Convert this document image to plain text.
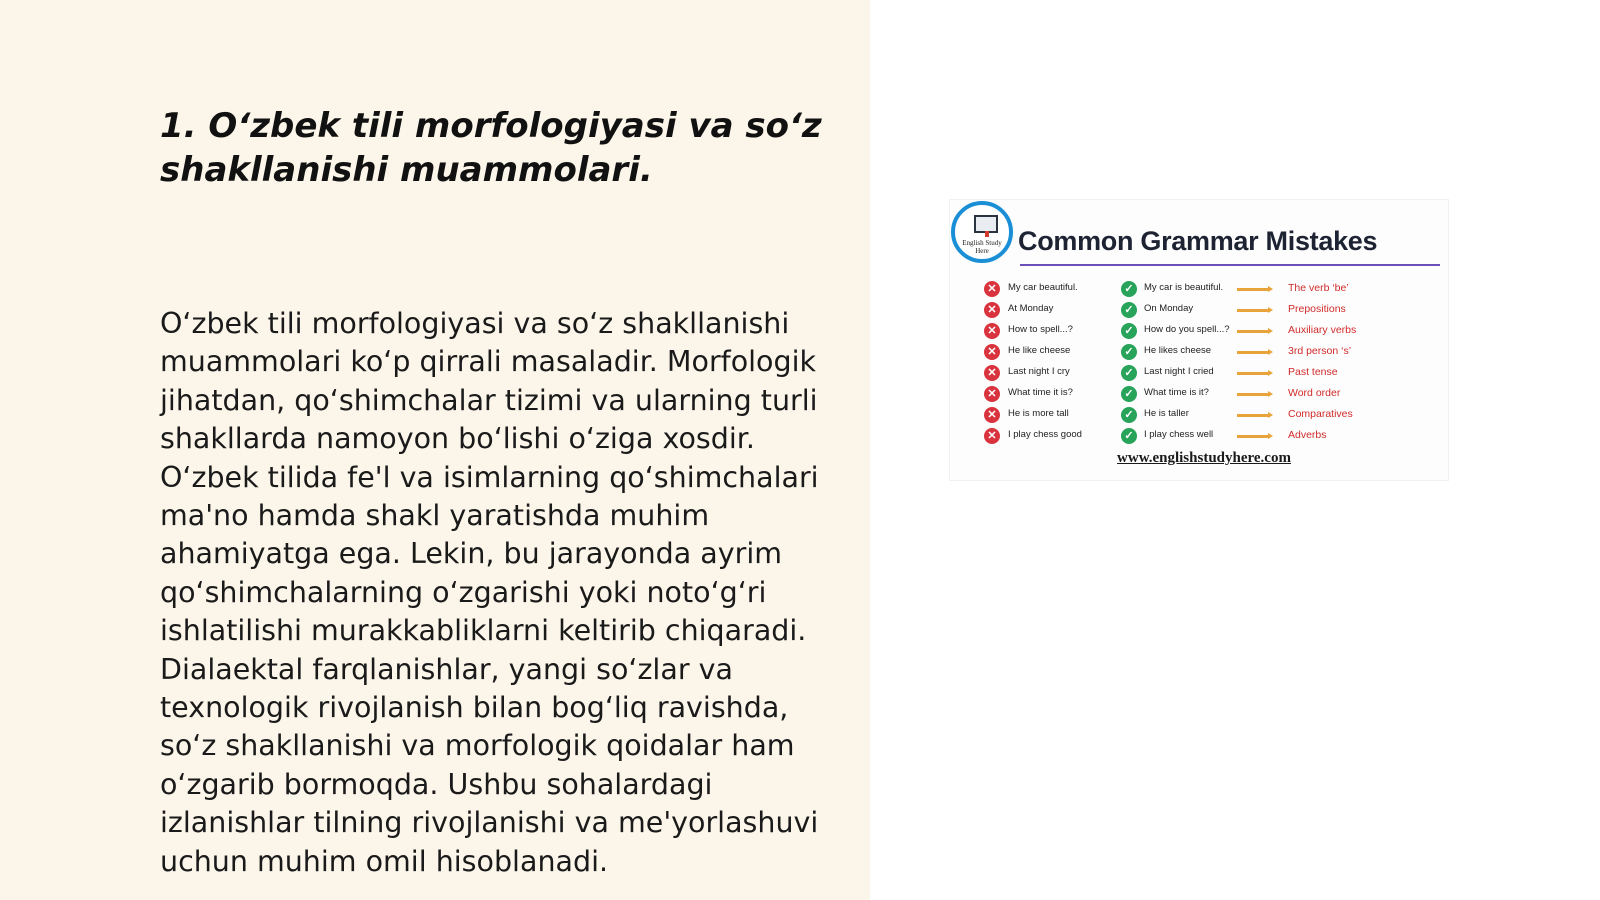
1. O‘zbek tili morfologiyasi va so‘z shakllanishi muammolari.

O‘zbek tili morfologiyasi va so‘z shakllanishi muammolari ko‘p qirrali masaladir. Morfologik jihatdan, qo‘shimchalar tizimi va ularning turli shakllarda namoyon bo‘lishi o‘ziga xosdir. O‘zbek tilida fe'l va isimlarning qo‘shimchalari ma'no hamda shakl yaratishda muhim ahamiyatga ega. Lekin, bu jarayonda ayrim qo‘shimchalarning o‘zgarishi yoki noto‘g‘ri ishlatilishi murakkabliklarni keltirib chiqaradi. Dialaektal farqlanishlar, yangi so‘zlar va texnologik rivojlanish bilan bog‘liq ravishda, so‘z shakllanishi va morfologik qoidalar ham o‘zgarib bormoqda. Ushbu sohalardagi izlanishlar tilning rivojlanishi va me'yorlashuvi uchun muhim omil hisoblanadi.

English Study Here	Common Grammar Mistakes
✕	My car beautiful.	✓	My car is beautiful.	The verb ‘be’
✕	At Monday	✓	On Monday	Prepositions
✕	How to spell...?	✓	How do you spell...?	Auxiliary verbs
✕	He like cheese	✓	He likes cheese	3rd person ‘s’
✕	Last night I cry	✓	Last night I cried	Past tense
✕	What time it is?	✓	What time is it?	Word order
✕	He is more tall	✓	He is taller	Comparatives
✕	I play chess good	✓	I play chess well	Adverbs
www.englishstudyhere.com
